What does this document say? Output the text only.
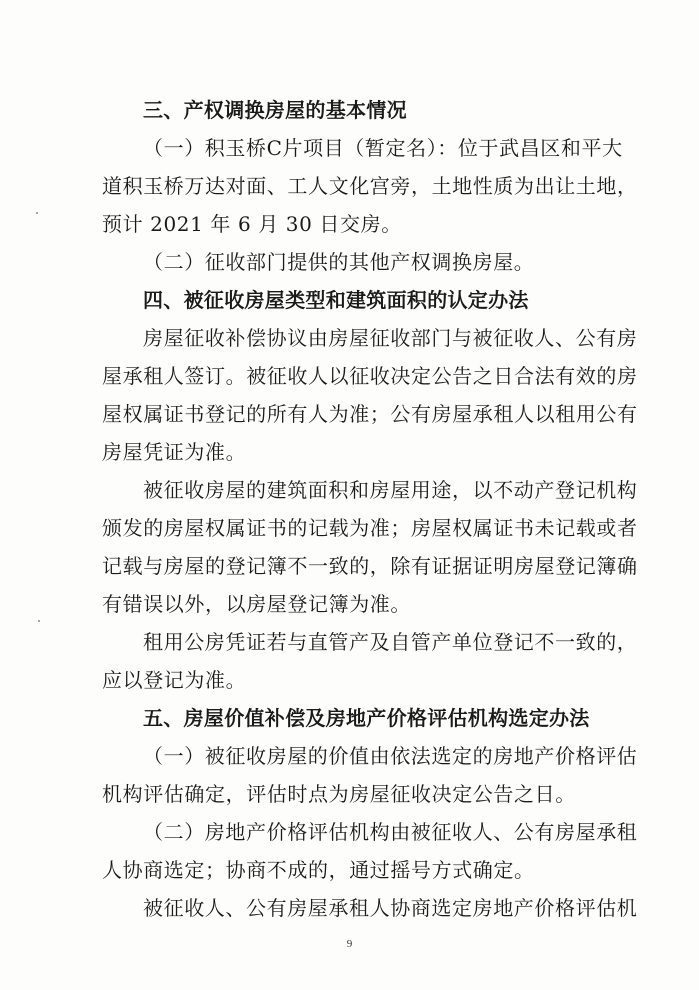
三、产权调换房屋的基本情况
（一）积玉桥C片项目（暂定名）：位于武昌区和平大
道积玉桥万达对面、工人文化宫旁，土地性质为出让土地，
预计 2021 年 6 月 30 日交房。
（二）征收部门提供的其他产权调换房屋。
四、被征收房屋类型和建筑面积的认定办法
房屋征收补偿协议由房屋征收部门与被征收人、公有房
屋承租人签订。被征收人以征收决定公告之日合法有效的房
屋权属证书登记的所有人为准；公有房屋承租人以租用公有
房屋凭证为准。
被征收房屋的建筑面积和房屋用途，以不动产登记机构
颁发的房屋权属证书的记载为准；房屋权属证书未记载或者
记载与房屋的登记簿不一致的，除有证据证明房屋登记簿确
有错误以外，以房屋登记簿为准。
租用公房凭证若与直管产及自管产单位登记不一致的，
应以登记为准。
五、房屋价值补偿及房地产价格评估机构选定办法
（一）被征收房屋的价值由依法选定的房地产价格评估
机构评估确定，评估时点为房屋征收决定公告之日。
（二）房地产价格评估机构由被征收人、公有房屋承租
人协商选定；协商不成的，通过摇号方式确定。
被征收人、公有房屋承租人协商选定房地产价格评估机
9
